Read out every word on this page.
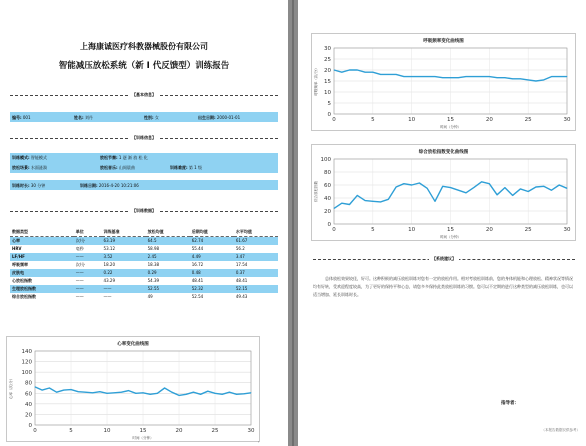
上海康诚医疗科教器械股份有限公司
智能减压放松系统（新 I 代反馈型）训练报告
【基本信息】
编号: 001	姓名: 刘丹	性别: 女	出生日期: 2000-01-01
【训练信息】
训练模式: 智能模式	放松节奏: 1 逐 渐 放 松 化
放松场景: 水面涟漪	放松音乐: 山间晨曲	训练难度: 第 1 级
训练时长: 30 分钟	训练日期: 2016-4-20 10:21:06
【训练数据】
数据类型	单位	训练基准	放松均值	后期均值	水平均值
心率	次/分	63.19	64.5	62.74	61.67
HRV	毫秒	53.12	58.98	55.44	56.2
LF/HF	——	3.52	2.45	4.49	3.47
呼吸频率	次/分	18.20	18.38	16.72	17.54
皮肤电	——	0.22	0.29	0.48	0.37
心放松指数	——	43.29	54.39	48.41	48.41
生理放松指数	——	——	52.55	52.32	52.15
综合放松指数	——	——	49	52.54	49.43
心率变化曲线图
0
20
40
60
80
100
120
140
0	5	10	15	20	25	30
时间（分钟）
心率（次/分）
,
呼吸频率变化曲线图
0
5
10
15
20
25
30
0	5	10	15	20	25	30
时间（分钟）
呼吸频率（次/分）
综合放松指数变化曲线图
0
20
40
60
80
100
0	5	10	15	20	25	30
时间（分钟）
综合放松指数
【系统建议】
总体放松效果较佳，好可。这种积极的减压放松训练对您有一定的放松作用。相对考放松训练前，您的身体机能和心理放松、精神状况等情况均有好转，受欢迎程度较高，为了更好的保持平和心态，请您多多保持此类放松训练的习惯。您可以不定期的进行这种类型的减压放松训练，也可以适当增加、延长训练时长。
指导者：
（本报告数据仅供参考）
